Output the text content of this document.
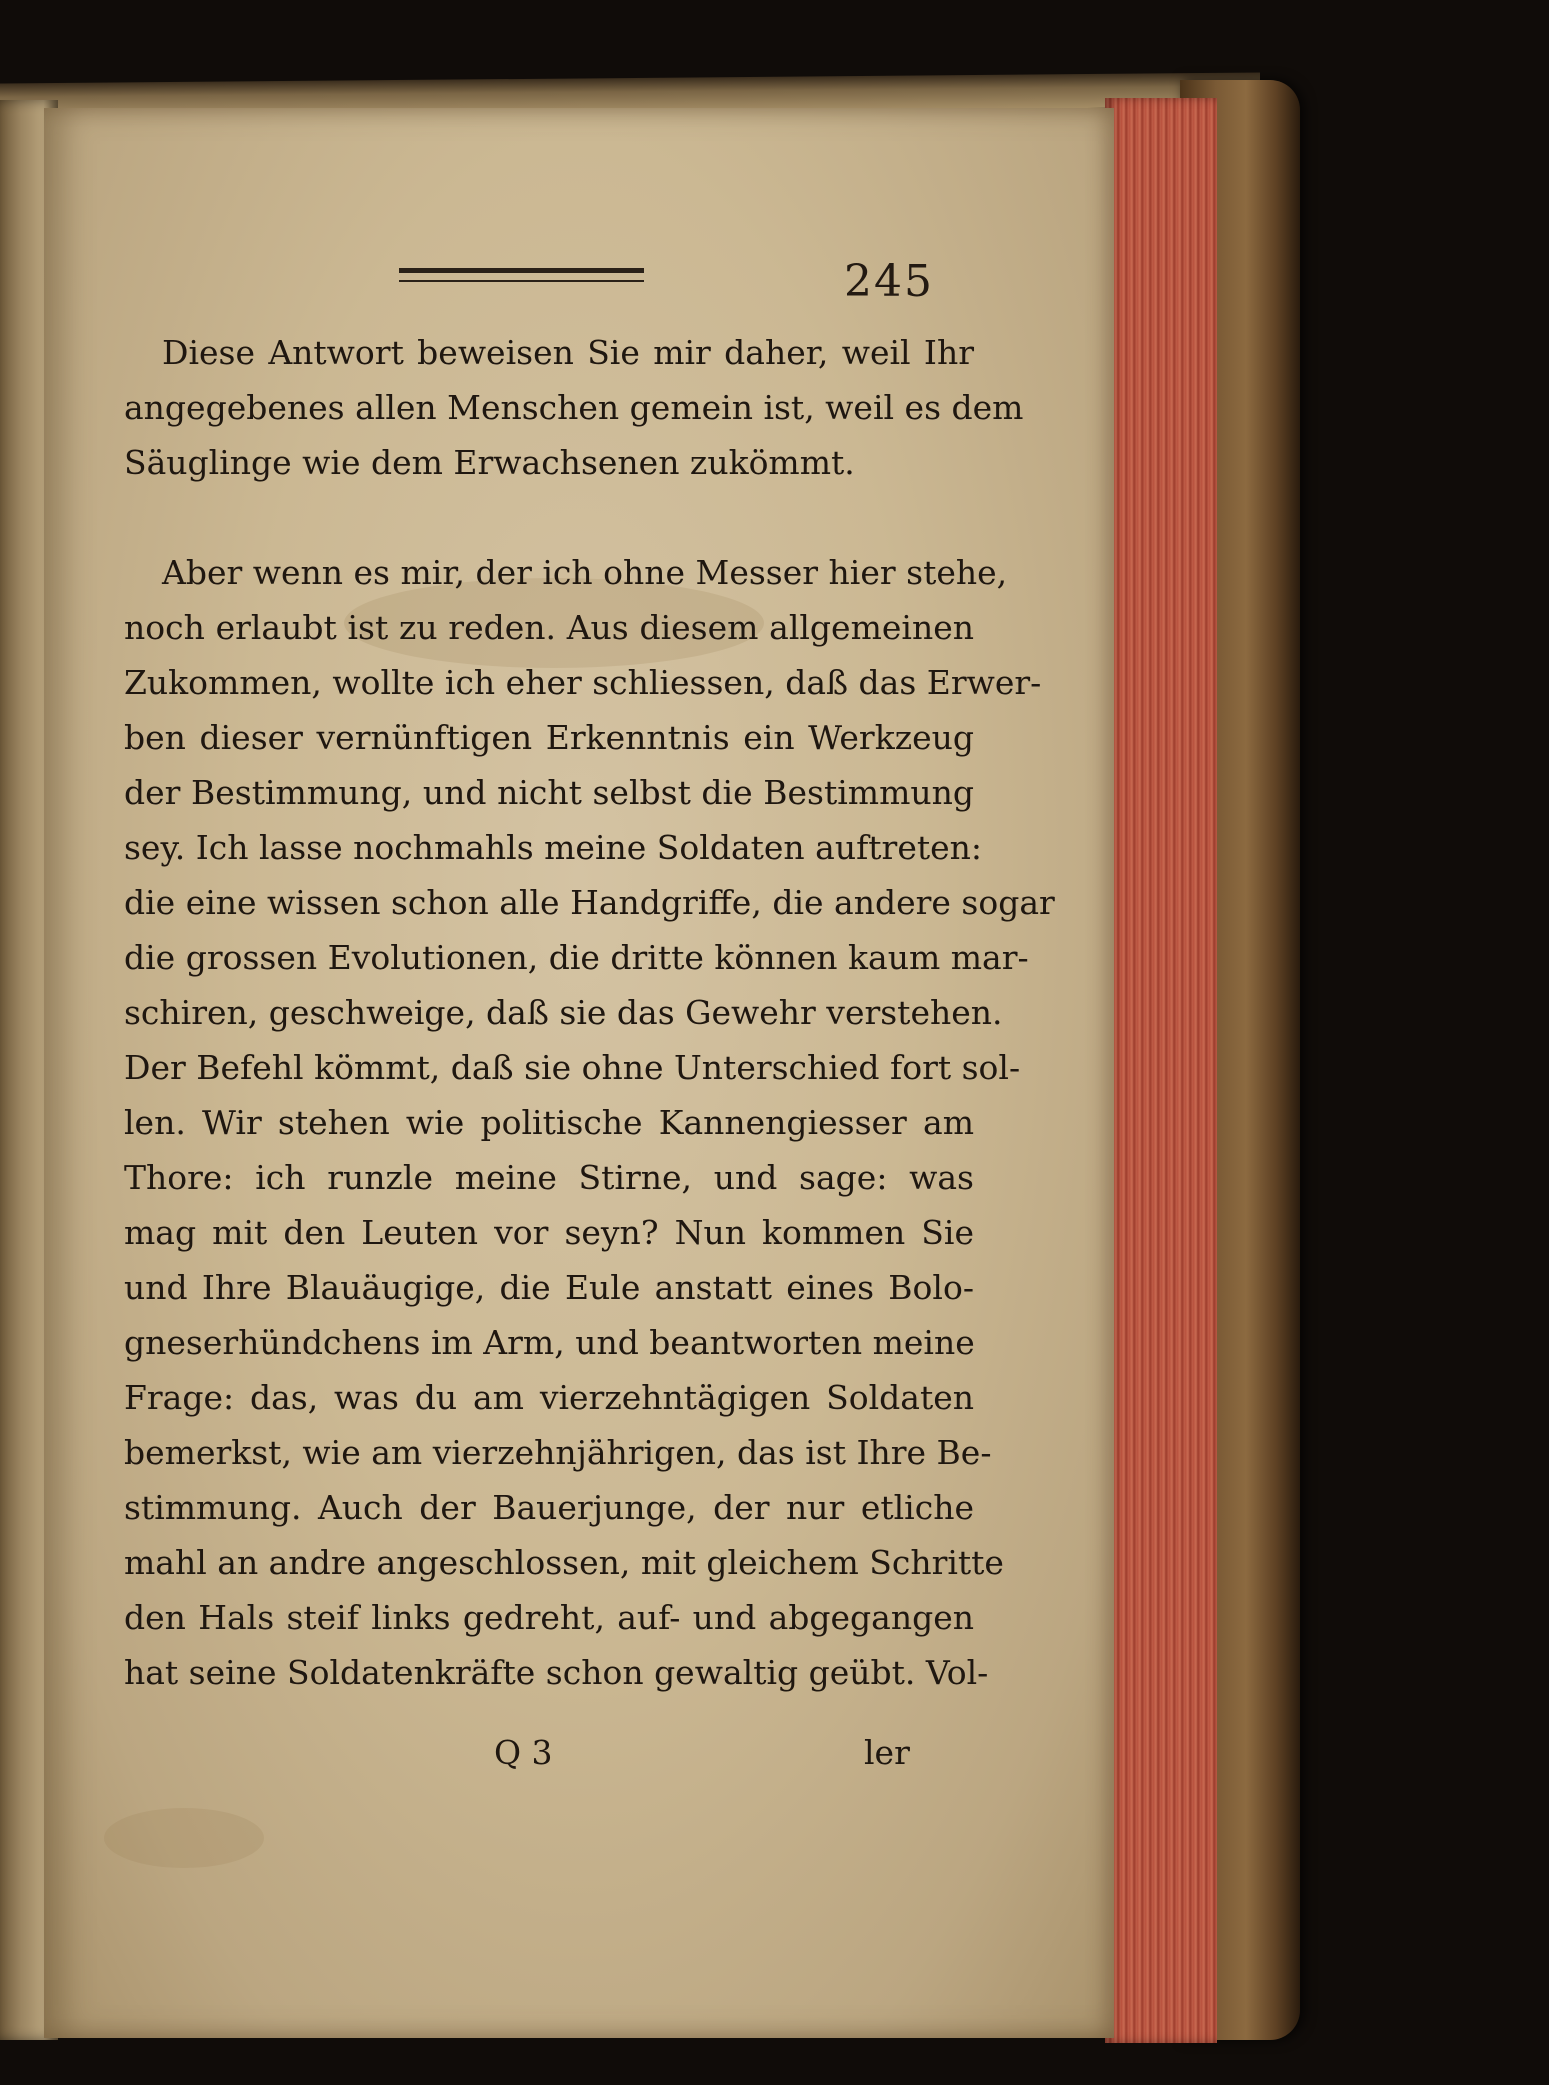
245
Diese Antwort beweisen Sie mir daher, weil Ihr
angegebenes allen Menschen gemein ist, weil es dem
Säuglinge wie dem Erwachsenen zukömmt.
Aber wenn es mir, der ich ohne Messer hier stehe,
noch erlaubt ist zu reden. Aus diesem allgemeinen
Zukommen, wollte ich eher schliessen, daß das Erwer-
ben dieser vernünftigen Erkenntnis ein Werkzeug
der Bestimmung, und nicht selbst die Bestimmung
sey. Ich lasse nochmahls meine Soldaten auftreten:
die eine wissen schon alle Handgriffe, die andere sogar
die grossen Evolutionen, die dritte können kaum mar-
schiren, geschweige, daß sie das Gewehr verstehen.
Der Befehl kömmt, daß sie ohne Unterschied fort sol-
len. Wir stehen wie politische Kannengiesser am
Thore: ich runzle meine Stirne, und sage: was
mag mit den Leuten vor seyn? Nun kommen Sie
und Ihre Blauäugige, die Eule anstatt eines Bolo-
gneserhündchens im Arm, und beantworten meine
Frage: das, was du am vierzehntägigen Soldaten
bemerkst, wie am vierzehnjährigen, das ist Ihre Be-
stimmung. Auch der Bauerjunge, der nur etliche
mahl an andre angeschlossen, mit gleichem Schritte
den Hals steif links gedreht, auf- und abgegangen
hat seine Soldatenkräfte schon gewaltig geübt. Vol-
Q 3	ler
